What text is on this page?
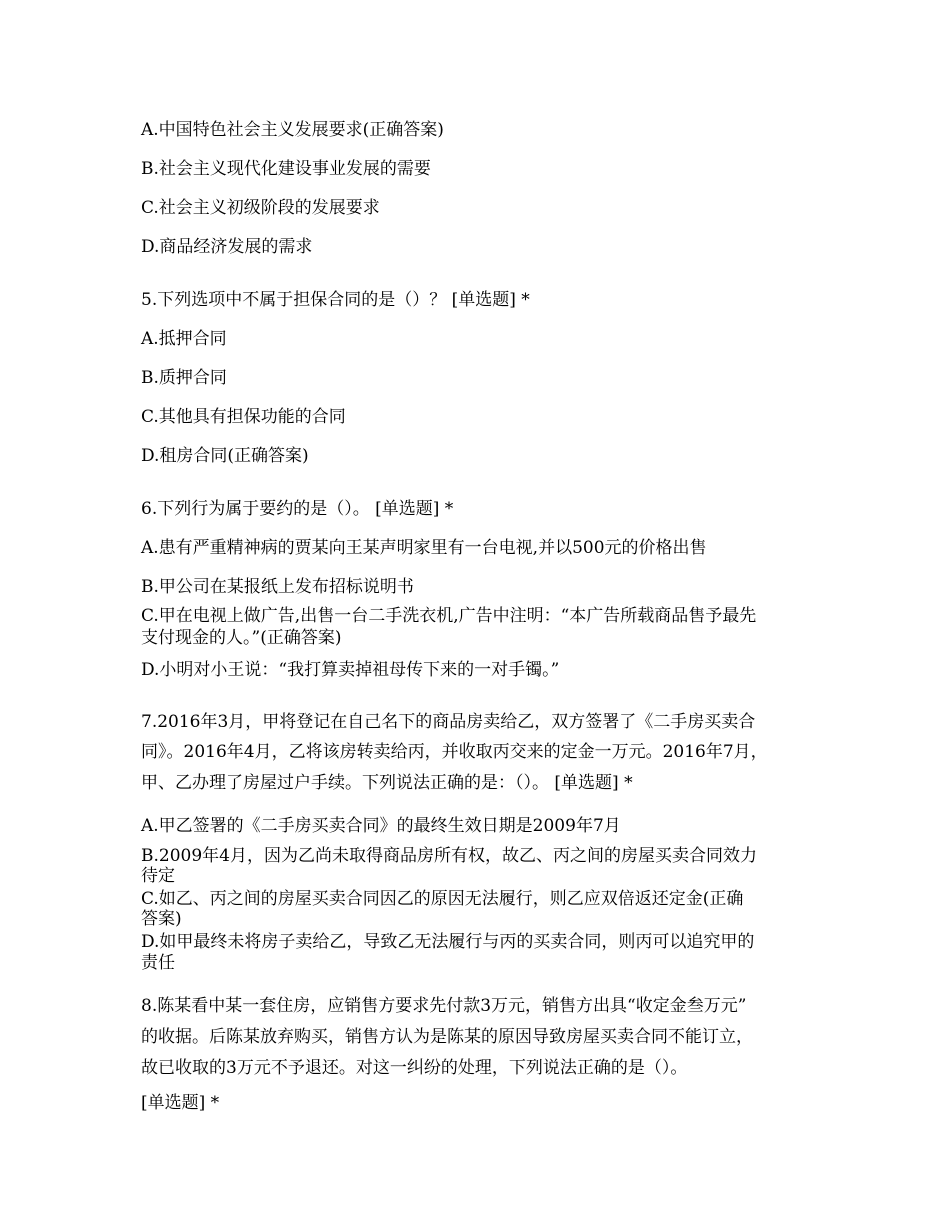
A.中国特色社会主义发展要求(正确答案)
B.社会主义现代化建设事业发展的需要
C.社会主义初级阶段的发展要求
D.商品经济发展的需求
5.下列选项中不属于担保合同的是（）？ [单选题] *
A.抵押合同
B.质押合同
C.其他具有担保功能的合同
D.租房合同(正确答案)
6.下列行为属于要约的是（）。 [单选题] *
A.患有严重精神病的贾某向王某声明家里有一台电视,并以500元的价格出售
B.甲公司在某报纸上发布招标说明书
C.甲在电视上做广告,出售一台二手洗衣机,广告中注明：“本广告所载商品售予最先
支付现金的人。”(正确答案)
D.小明对小王说：“我打算卖掉祖母传下来的一对手镯。”
7.2016年3月，甲将登记在自己名下的商品房卖给乙，双方签署了《二手房买卖合
同》。2016年4月，乙将该房转卖给丙，并收取丙交来的定金一万元。2016年7月，
甲、乙办理了房屋过户手续。下列说法正确的是：（）。 [单选题] *
A.甲乙签署的《二手房买卖合同》的最终生效日期是2009年7月
B.2009年4月，因为乙尚未取得商品房所有权，故乙、丙之间的房屋买卖合同效力
待定
C.如乙、丙之间的房屋买卖合同因乙的原因无法履行，则乙应双倍返还定金(正确
答案)
D.如甲最终未将房子卖给乙，导致乙无法履行与丙的买卖合同，则丙可以追究甲的
责任
8.陈某看中某一套住房，应销售方要求先付款3万元，销售方出具“收定金叁万元”
的收据。后陈某放弃购买，销售方认为是陈某的原因导致房屋买卖合同不能订立，
故已收取的3万元不予退还。对这一纠纷的处理，下列说法正确的是（）。
[单选题] *
